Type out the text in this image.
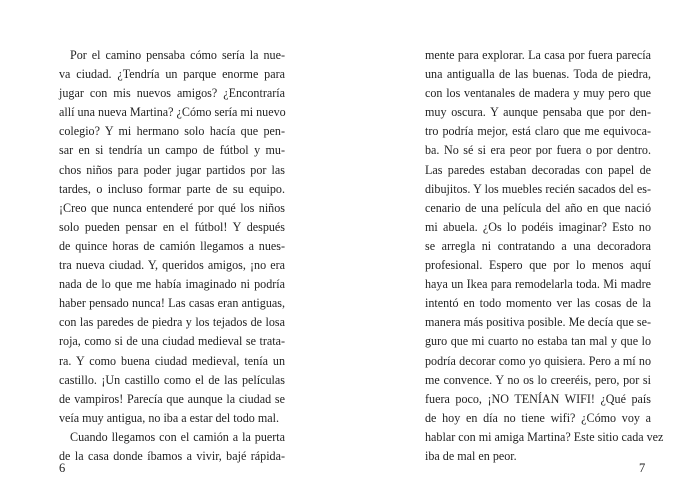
Por el camino pensaba cómo sería la nue-
va ciudad. ¿Tendría un parque enorme para
jugar con mis nuevos amigos? ¿Encontraría
allí una nueva Martina? ¿Cómo sería mi nuevo
colegio? Y mi hermano solo hacía que pen-
sar en si tendría un campo de fútbol y mu-
chos niños para poder jugar partidos por las
tardes, o incluso formar parte de su equipo.
¡Creo que nunca entenderé por qué los niños
solo pueden pensar en el fútbol! Y después
de quince horas de camión llegamos a nues-
tra nueva ciudad. Y, queridos amigos, ¡no era
nada de lo que me había imaginado ni podría
haber pensado nunca! Las casas eran antiguas,
con las paredes de piedra y los tejados de losa
roja, como si de una ciudad medieval se trata-
ra. Y como buena ciudad medieval, tenía un
castillo. ¡Un castillo como el de las películas
de vampiros! Parecía que aunque la ciudad se
veía muy antigua, no iba a estar del todo mal.
Cuando llegamos con el camión a la puerta
de la casa donde íbamos a vivir, bajé rápida-
6
mente para explorar. La casa por fuera parecía
una antigualla de las buenas. Toda de piedra,
con los ventanales de madera y muy pero que
muy oscura. Y aunque pensaba que por den-
tro podría mejor, está claro que me equivoca-
ba. No sé si era peor por fuera o por dentro.
Las paredes estaban decoradas con papel de
dibujitos. Y los muebles recién sacados del es-
cenario de una película del año en que nació
mi abuela. ¿Os lo podéis imaginar? Esto no
se arregla ni contratando a una decoradora
profesional. Espero que por lo menos aquí
haya un Ikea para remodelarla toda. Mi madre
intentó en todo momento ver las cosas de la
manera más positiva posible. Me decía que se-
guro que mi cuarto no estaba tan mal y que lo
podría decorar como yo quisiera. Pero a mí no
me convence. Y no os lo creeréis, pero, por si
fuera poco, ¡NO TENÍAN WIFI! ¿Qué país
de hoy en día no tiene wifi? ¿Cómo voy a
hablar con mi amiga Martina? Este sitio cada vez
iba de mal en peor.
7
